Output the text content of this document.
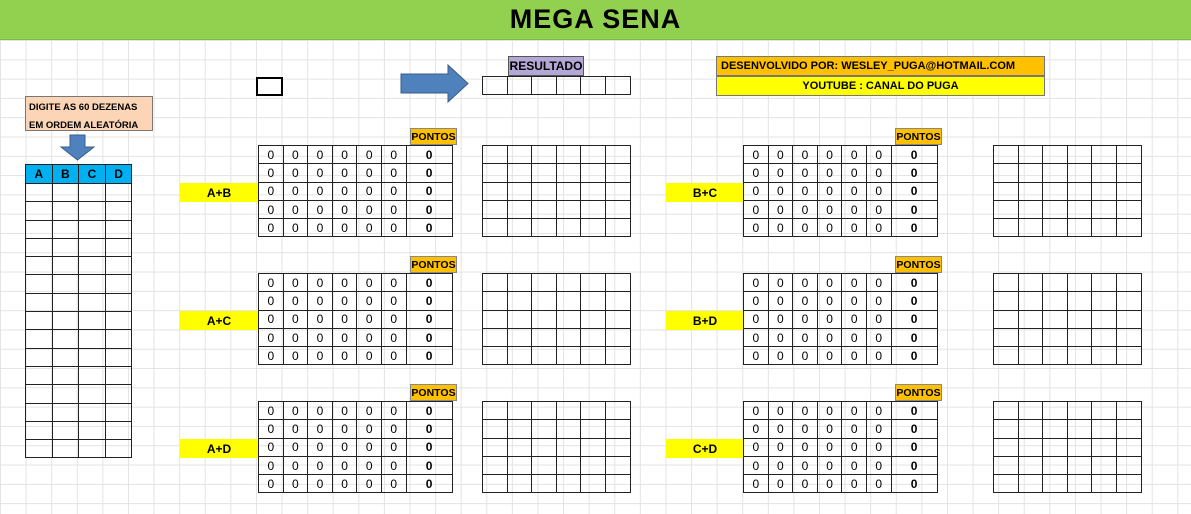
MEGA SENA
DIGITE AS 60 DEZENAS
EM ORDEM ALEATÓRIA
A	B	C	D

RESULTADO
						DESENVOLVIDO POR: WESLEY_PUGA@HOTMAIL.COM
YOUTUBE : CANAL DO PUGA
A+B
PONTOS
0	0	0	0	0	0	0
0	0	0	0	0	0	0
0	0	0	0	0	0	0
0	0	0	0	0	0	0
0	0	0	0	0	0	0

A+C
PONTOS
0	0	0	0	0	0	0
0	0	0	0	0	0	0
0	0	0	0	0	0	0
0	0	0	0	0	0	0
0	0	0	0	0	0	0

A+D
PONTOS
0	0	0	0	0	0	0
0	0	0	0	0	0	0
0	0	0	0	0	0	0
0	0	0	0	0	0	0
0	0	0	0	0	0	0

B+C
PONTOS
0	0	0	0	0	0	0
0	0	0	0	0	0	0
0	0	0	0	0	0	0
0	0	0	0	0	0	0
0	0	0	0	0	0	0

B+D
PONTOS
0	0	0	0	0	0	0
0	0	0	0	0	0	0
0	0	0	0	0	0	0
0	0	0	0	0	0	0
0	0	0	0	0	0	0

C+D
PONTOS
0	0	0	0	0	0	0
0	0	0	0	0	0	0
0	0	0	0	0	0	0
0	0	0	0	0	0	0
0	0	0	0	0	0	0
